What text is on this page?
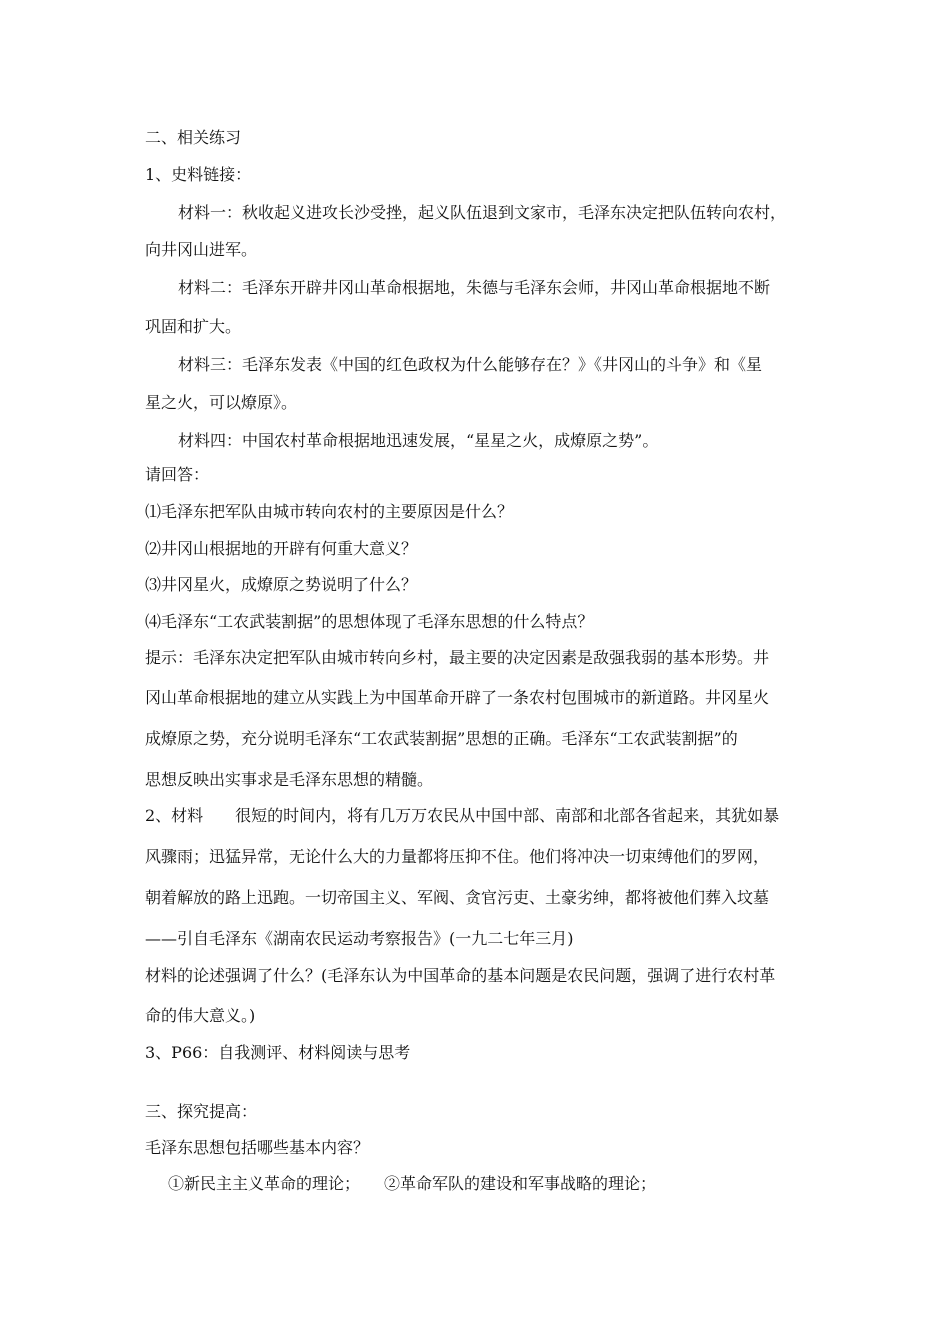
二、相关练习
1、史料链接：
材料一：秋收起义进攻长沙受挫，起义队伍退到文家市，毛泽东决定把队伍转向农村，
向井冈山进军。
材料二：毛泽东开辟井冈山革命根据地，朱德与毛泽东会师，井冈山革命根据地不断
巩固和扩大。
材料三：毛泽东发表《中国的红色政权为什么能够存在？》《井冈山的斗争》和《星
星之火，可以燎原》。
材料四：中国农村革命根据地迅速发展，“星星之火，成燎原之势”。
请回答：
⑴毛泽东把军队由城市转向农村的主要原因是什么？
⑵井冈山根据地的开辟有何重大意义？
⑶井冈星火，成燎原之势说明了什么？
⑷毛泽东“工农武装割据”的思想体现了毛泽东思想的什么特点？
提示：毛泽东决定把军队由城市转向乡村，最主要的决定因素是敌强我弱的基本形势。井
冈山革命根据地的建立从实践上为中国革命开辟了一条农村包围城市的新道路。井冈星火
成燎原之势，充分说明毛泽东“工农武装割据”思想的正确。毛泽东“工农武装割据”的
思想反映出实事求是毛泽东思想的精髓。
2、材料　　很短的时间内，将有几万万农民从中国中部、南部和北部各省起来，其犹如暴
风骤雨；迅猛异常，无论什么大的力量都将压抑不住。他们将冲决一切束缚他们的罗网，
朝着解放的路上迅跑。一切帝国主义、军阀、贪官污吏、土豪劣绅，都将被他们葬入坟墓
——引自毛泽东《湖南农民运动考察报告》(一九二七年三月)
材料的论述强调了什么？(毛泽东认为中国革命的基本问题是农民问题，强调了进行农村革
命的伟大意义。)
3、P66：自我测评、材料阅读与思考
三、探究提高：
毛泽东思想包括哪些基本内容？
①新民主主义革命的理论；　　②革命军队的建设和军事战略的理论；
